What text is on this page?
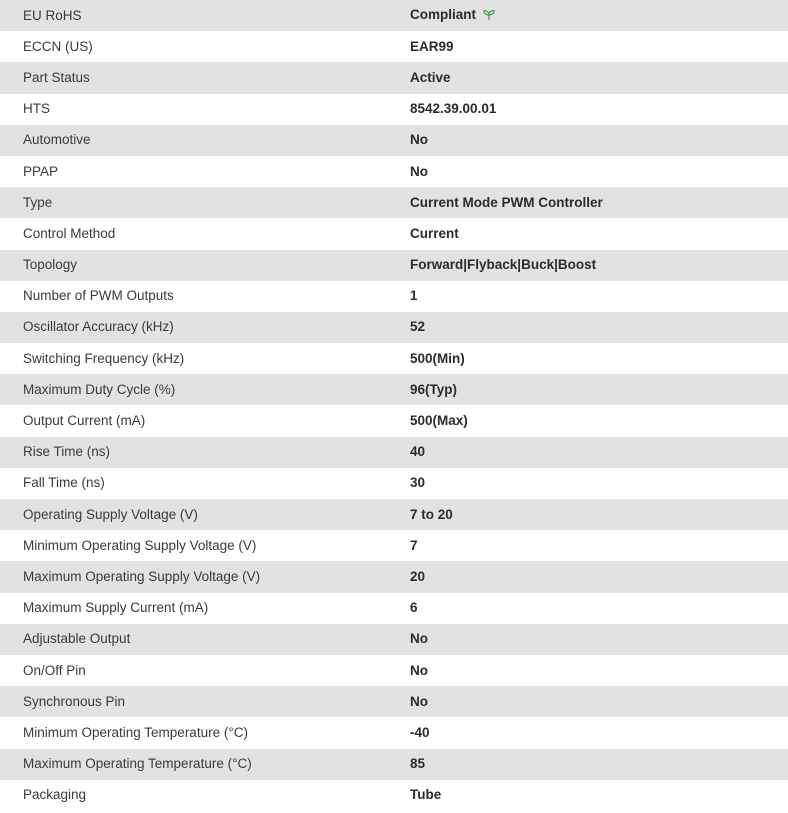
EU RoHS	Compliant
ECCN (US)	EAR99
Part Status	Active
HTS	8542.39.00.01
Automotive	No
PPAP	No
Type	Current Mode PWM Controller
Control Method	Current
Topology	Forward|Flyback|Buck|Boost
Number of PWM Outputs	1
Oscillator Accuracy (kHz)	52
Switching Frequency (kHz)	500(Min)
Maximum Duty Cycle (%)	96(Typ)
Output Current (mA)	500(Max)
Rise Time (ns)	40
Fall Time (ns)	30
Operating Supply Voltage (V)	7 to 20
Minimum Operating Supply Voltage (V)	7
Maximum Operating Supply Voltage (V)	20
Maximum Supply Current (mA)	6
Adjustable Output	No
On/Off Pin	No
Synchronous Pin	No
Minimum Operating Temperature (°C)	-40
Maximum Operating Temperature (°C)	85
Packaging	Tube
